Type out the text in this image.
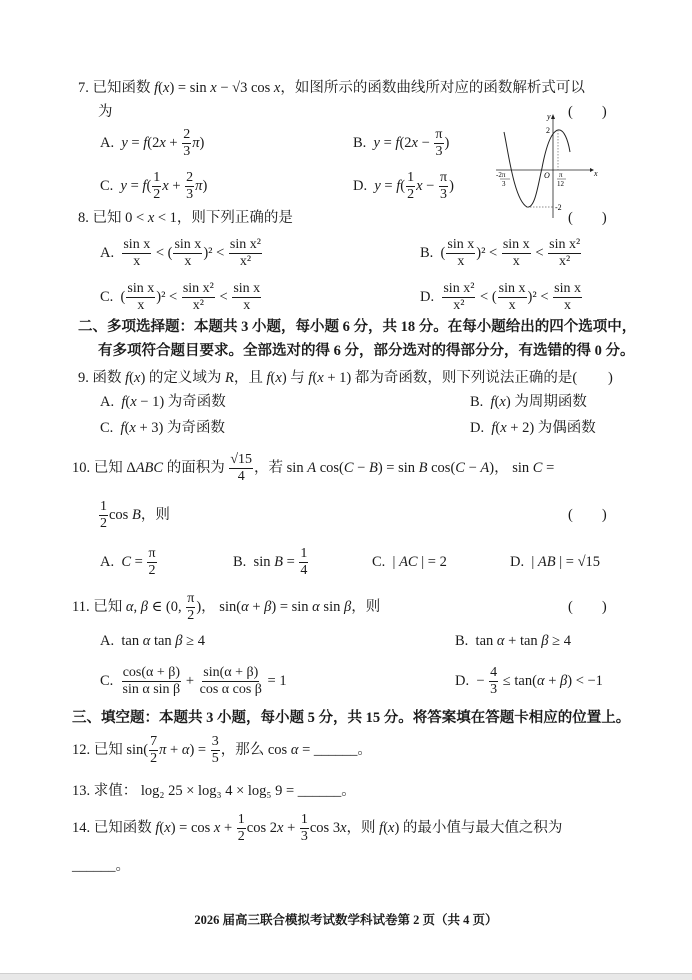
7. 已知函数 f ( x ) = sin x − √3 cos x ，如图所示的函数曲线所对应的函数解析式可以
为	(        )
A. y = f (2 $x + \frac{2}{3}$ π )	B. y = f (2 $x - \frac{\pi}{3}$ )
C. y = f ( $\frac{1}{2}$ $x + \frac{2}{3}$ π )	D. y = f ( $\frac{1}{2}$ $x - \frac{\pi}{3}$ )
y
x
O
2
-2
-2π
3
π
12
8. 已知 0 < x < 1，则下列正确的是	(        )
A. $\frac{\text{sin x}}{x}$ < ( $\frac{\text{sin x}}{x} )^2 < \frac{\text{sin x²}}{\text{x²}}$	B. ( $\frac{\text{sin x}}{x} )^2 < \frac{\text{sin x}}{x} < \frac{\text{sin x²}}{\text{x²}}$
C. ( $\frac{\text{sin x}}{x} )^2 < \frac{\text{sin x²}}{\text{x²}} < \frac{\text{sin x}}{x}$	D. $\frac{\text{sin x²}}{\text{x²}}$ < ( $\frac{\text{sin x}}{x} )^2 < \frac{\text{sin x}}{x}$
二、多项选择题：本题共 3 小题，每小题 6 分，共 18 分。在每小题给出的四个选项中，
有多项符合题目要求。全部选对的得 6 分，部分选对的得部分分，有选错的得 0 分。
9. 函数 f ( x ) 的定义域为 R ，且 f ( x ) 与 f ( x + 1) 都为奇函数，则下列说法正确的是( )
A. f ( x − 1) 为奇函数	B. f ( x ) 为周期函数
C. f ( x + 3) 为奇函数	D. f ( x + 2) 为偶函数
10. 已知 Δ ABC 的面积为 $\frac{√15}{4}$ ，若 sin A cos( C − B ) = sin B cos( C − A )， sin C =
$\frac{1}{2}$ cos B ，则	(        )
A. $C = \frac{\pi}{2}$	B. $\sin B = \frac{1}{4}$	C. | AC | = 2	D. | AB | = √15
11. 已知 α , β ∈ (0, $\frac{\pi}{2}$ )， sin( α + β ) = sin α sin β ，则	(        )
A. tan α tan β ≥ 4	B. tan α + tan β ≥ 4
C. $\frac{\cos(\alpha + \beta)}{\text{sin α sin β}} + \frac{\sin(\alpha + \beta)}{\text{cos α cos β}} = 1$	D. − $\frac{4}{3} \le \tan$( α + β ) < −1
三、填空题：本题共 3 小题，每小题 5 分，共 15 分。将答案填在答题卡相应的位置上。
12. 已知 $\sin( \frac{7}{2}$ π + α ) = $\frac{3}{5}$ ，那么 cos α = ______。
13. 求值： log₂ 25 × log₃ 4 × log₅ 9 = ______。
14. 已知函数 f ( x ) = $\cos x + \frac{1}{2}$ cos 2 $x + \frac{1}{3}$ cos 3 x ，则 f ( x ) 的最小值与最大值之积为
______。
2026 届高三联合模拟考试数学科试卷第 2 页（共 4 页）
